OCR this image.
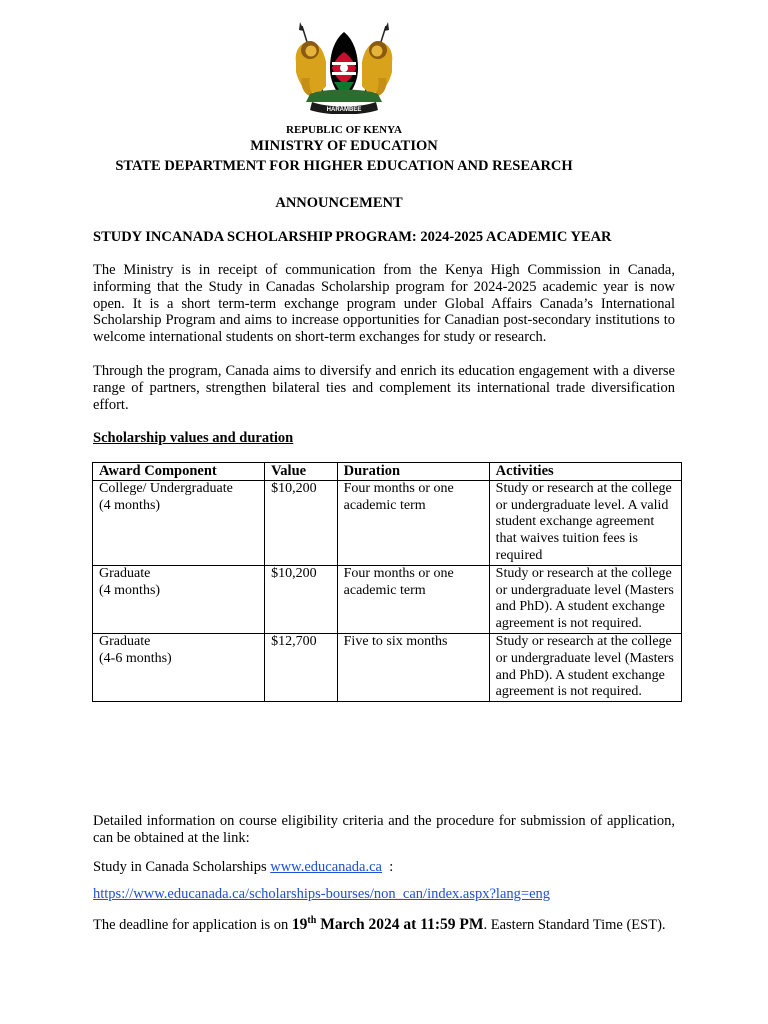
HARAMBEE
REPUBLIC OF KENYA
MINISTRY OF EDUCATION
STATE DEPARTMENT FOR HIGHER EDUCATION AND RESEARCH
ANNOUNCEMENT
STUDY INCANADA SCHOLARSHIP PROGRAM: 2024-2025 ACADEMIC YEAR
The Ministry is in receipt of communication from the Kenya High Commission in Canada, informing that the Study in Canadas Scholarship program for 2024-2025 academic year is now open. It is a short term-term exchange program under Global Affairs Canada’s International Scholarship Program and aims to increase opportunities for Canadian post-secondary institutions to welcome international students on short-term exchanges for study or research.
Through the program, Canada aims to diversify and enrich its education engagement with a diverse range of partners, strengthen bilateral ties and complement its international trade diversification effort.
Scholarship values and duration
Award Component	Value	Duration	Activities

College/ Undergraduate
(4 months)	$10,200	Four months or one academic term	Study or research at the college or undergraduate level. A valid student exchange agreement that waives tuition fees is required

Graduate
(4 months)	$10,200	Four months or one academic term	Study or research at the college or undergraduate level (Masters and PhD). A student exchange agreement is not required.

Graduate
(4-6 months)	$12,700	Five to six months	Study or research at the college or undergraduate level (Masters and PhD). A student exchange agreement is not required.
Detailed information on course eligibility criteria and the procedure for submission of application, can be obtained at the link:
Study in Canada Scholarships www.educanada.ca :
https://www.educanada.ca/scholarships-bourses/non_can/index.aspx?lang=eng
The deadline for application is on 19th March 2024 at 11:59 PM. Eastern Standard Time (EST).
